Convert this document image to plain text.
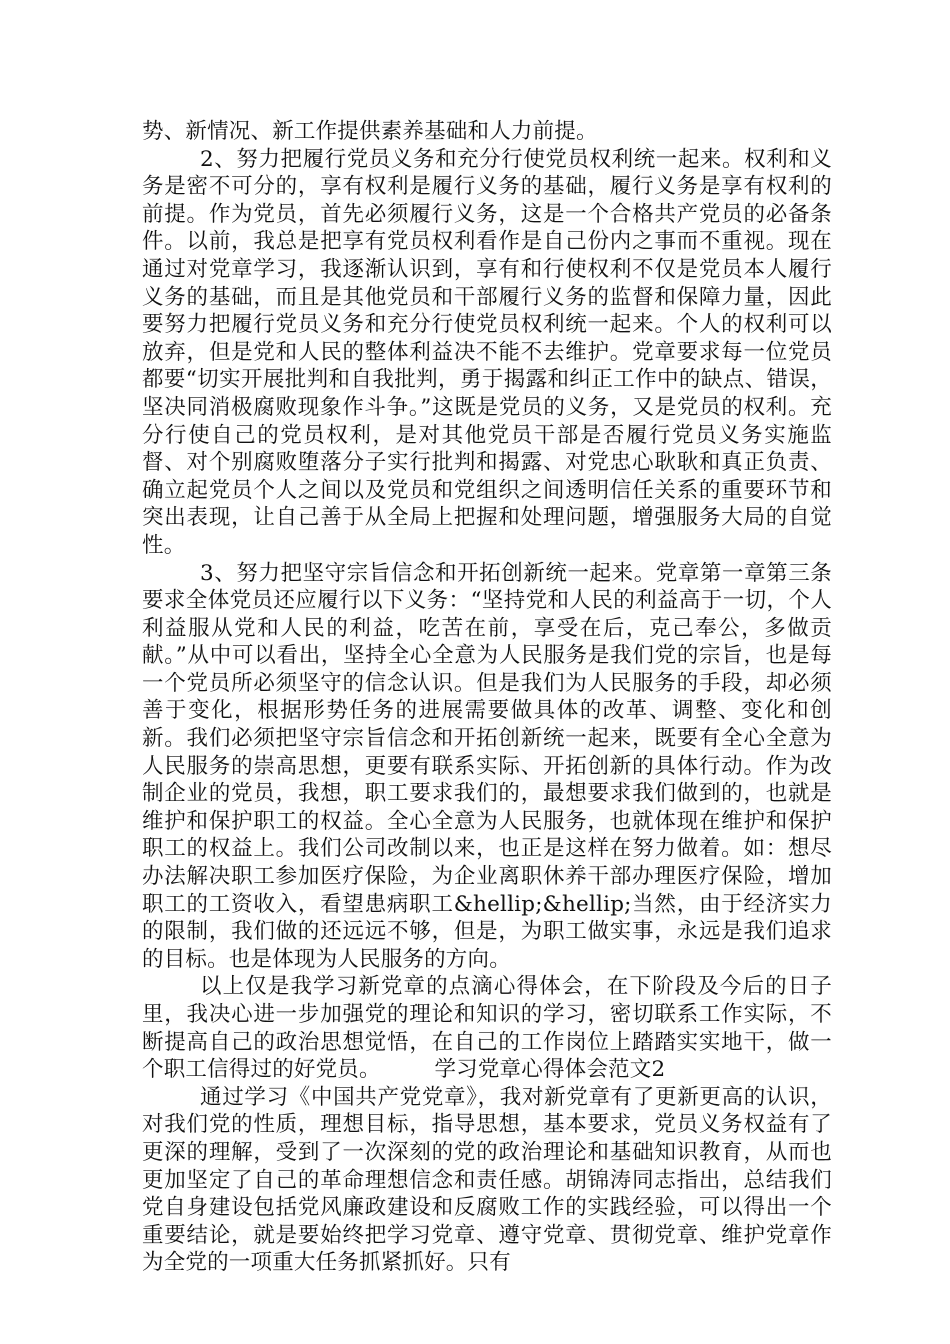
势、新情况、新工作提供素养基础和人力前提。

2、努力把履行党员义务和充分行使党员权利统一起来。权利和义务是密不可分的，享有权利是履行义务的基础，履行义务是享有权利的前提。作为党员，首先必须履行义务，这是一个合格共产党员的必备条件。以前，我总是把享有党员权利看作是自己份内之事而不重视。现在通过对党章学习，我逐渐认识到，享有和行使权利不仅是党员本人履行义务的基础，而且是其他党员和干部履行义务的监督和保障力量，因此要努力把履行党员义务和充分行使党员权利统一起来。个人的权利可以放弃，但是党和人民的整体利益决不能不去维护。党章要求每一位党员都要“切实开展批判和自我批判，勇于揭露和纠正工作中的缺点、错误，坚决同消极腐败现象作斗争。”这既是党员的义务，又是党员的权利。充分行使自己的党员权利，是对其他党员干部是否履行党员义务实施监督、对个别腐败堕落分子实行批判和揭露、对党忠心耿耿和真正负责、确立起党员个人之间以及党员和党组织之间透明信任关系的重要环节和突出表现，让自己善于从全局上把握和处理问题，增强服务大局的自觉性。

3、努力把坚守宗旨信念和开拓创新统一起来。党章第一章第三条要求全体党员还应履行以下义务：“坚持党和人民的利益高于一切，个人利益服从党和人民的利益，吃苦在前，享受在后，克己奉公，多做贡献。”从中可以看出，坚持全心全意为人民服务是我们党的宗旨，也是每一个党员所必须坚守的信念认识。但是我们为人民服务的手段，却必须善于变化，根据形势任务的进展需要做具体的改革、调整、变化和创新。我们必须把坚守宗旨信念和开拓创新统一起来，既要有全心全意为人民服务的崇高思想，更要有联系实际、开拓创新的具体行动。作为改制企业的党员，我想，职工要求我们的，最想要求我们做到的，也就是维护和保护职工的权益。全心全意为人民服务，也就体现在维护和保护职工的权益上。我们公司改制以来，也正是这样在努力做着。如：想尽办法解决职工参加医疗保险，为企业离职休养干部办理医疗保险，增加职工的工资收入，看望患病职工&hellip;&hellip;当然，由于经济实力的限制，我们做的还远远不够，但是，为职工做实事，永远是我们追求的目标。也是体现为人民服务的方向。

以上仅是我学习新党章的点滴心得体会，在下阶段及今后的日子里，我决心进一步加强党的理论和知识的学习，密切联系工作实际，不断提高自己的政治思想觉悟，在自己的工作岗位上踏踏实实地干，做一个职工信得过的好党员。	学习党章心得体会范文2

通过学习《中国共产党党章》，我对新党章有了更新更高的认识，对我们党的性质，理想目标，指导思想，基本要求，党员义务权益有了更深的理解，受到了一次深刻的党的政治理论和基础知识教育，从而也更加坚定了自己的革命理想信念和责任感。胡锦涛同志指出，总结我们党自身建设包括党风廉政建设和反腐败工作的实践经验，可以得出一个重要结论，就是要始终把学习党章、遵守党章、贯彻党章、维护党章作为全党的一项重大任务抓紧抓好。只有
